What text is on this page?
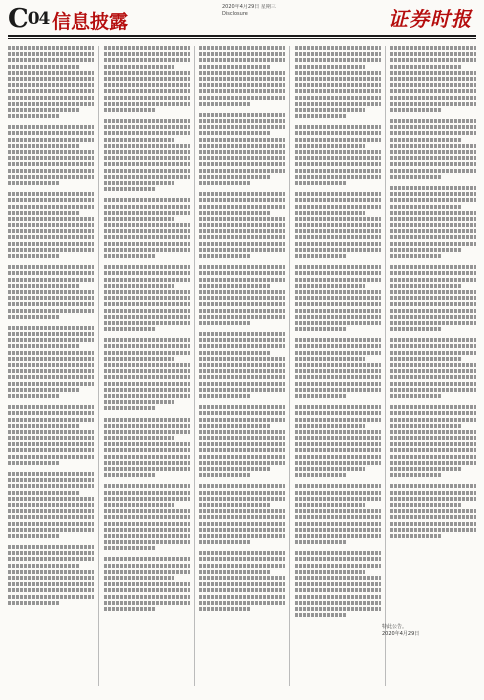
$C^{04}$ 信息披露
2020年4月29日 星期三
Disclosure	证券时报
特此公告。
2020年4月29日
